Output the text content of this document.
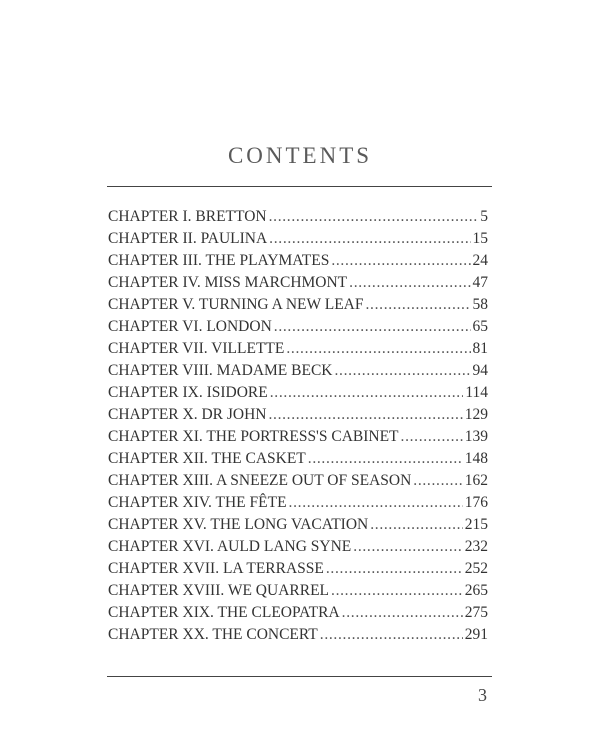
CONTENTS
CHAPTER I. BRETTON . . .	5
CHAPTER II. PAULINA . . .	15
CHAPTER III. THE PLAYMATES . . .	24
CHAPTER IV. MISS MARCHMONT . . .	47
CHAPTER V. TURNING A NEW LEAF . . .	58
CHAPTER VI. LONDON . . .	65
CHAPTER VII. VILLETTE . . .	81
CHAPTER VIII. MADAME BECK . . .	94
CHAPTER IX. ISIDORE . . .	114
CHAPTER X. DR JOHN . . .	129
CHAPTER XI. THE PORTRESS'S CABINET . . .	139
CHAPTER XII. THE CASKET . . .	148
CHAPTER XIII. A SNEEZE OUT OF SEASON . . .	162
CHAPTER XIV. THE FÊTE . . .	176
CHAPTER XV. THE LONG VACATION . . .	215
CHAPTER XVI. AULD LANG SYNE . . .	232
CHAPTER XVII. LA TERRASSE . . .	252
CHAPTER XVIII. WE QUARREL . . .	265
CHAPTER XIX. THE CLEOPATRA . . .	275
CHAPTER XX. THE CONCERT . . .	291
3
